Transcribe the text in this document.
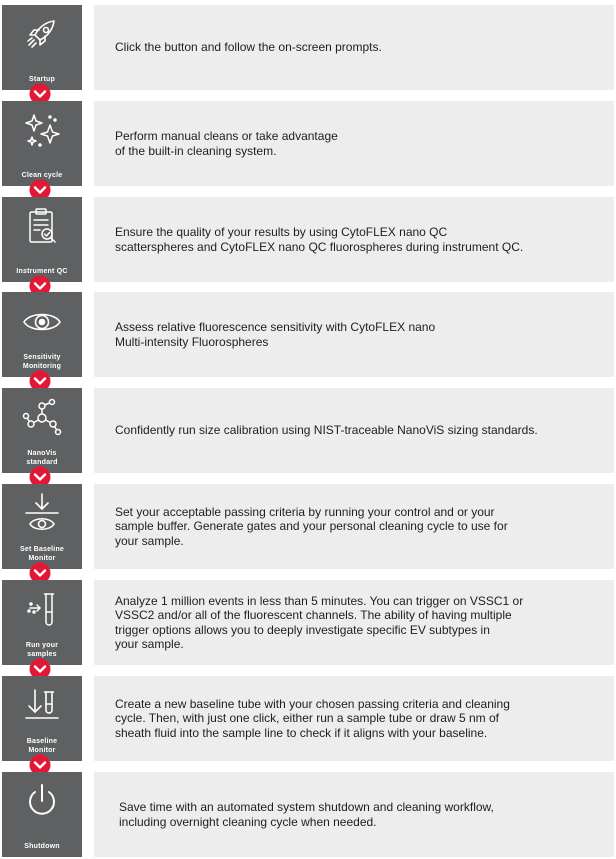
Startup
Click the button and follow the on-screen prompts.
Clean cycle
Perform manual cleans or take advantage
of the built-in cleaning system.
Instrument QC
Ensure the quality of your results by using CytoFLEX nano QC
scatterspheres and CytoFLEX nano QC fluorospheres during instrument QC.
Sensitivity
Monitoring
Assess relative fluorescence sensitivity with CytoFLEX nano
Multi-intensity Fluorospheres
NanoVis
standard
Confidently run size calibration using NIST-traceable NanoViS sizing standards.
Set Baseline
Monitor
Set your acceptable passing criteria by running your control and or your
sample buffer. Generate gates and your personal cleaning cycle to use for
your sample.
Run your
samples
Analyze 1 million events in less than 5 minutes. You can trigger on VSSC1 or
VSSC2 and/or all of the fluorescent channels. The ability of having multiple
trigger options allows you to deeply investigate specific EV subtypes in
your sample.
Baseline
Monitor
Create a new baseline tube with your chosen passing criteria and cleaning
cycle. Then, with just one click, either run a sample tube or draw 5 nm of
sheath fluid into the sample line to check if it aligns with your baseline.
Shutdown
Save time with an automated system shutdown and cleaning workflow,
including overnight cleaning cycle when needed.
